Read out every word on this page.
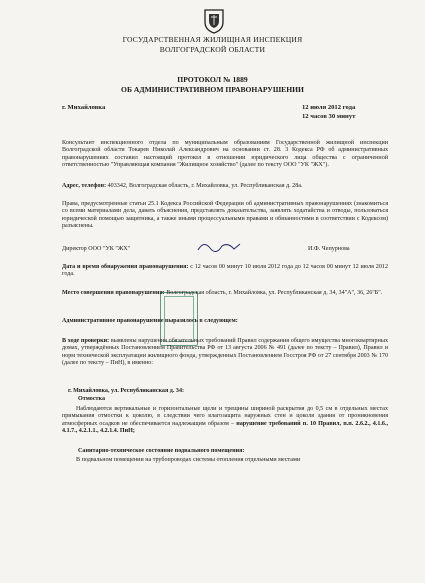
ГОСУДАРСТВЕННАЯ ЖИЛИЩНАЯ ИНСПЕКЦИЯ
ВОЛГОГРАДСКОЙ ОБЛАСТИ
ПРОТОКОЛ № 1889
ОБ АДМИНИСТРАТИВНОМ ПРАВОНАРУШЕНИИ
г. Михайловка	12 июля 2012 года
12 часов 30 минут
Консультант инспекционного отдела по муниципальным образованиям Государственной жилищной инспекции Волгоградской области Токарев Николай Александрович на основании ст. 28. 3 Кодекса РФ об административных правонарушениях составил настоящий протокол в отношении юридического лица общества с ограниченной ответственностью "Управляющая компания "Жилищное хозяйство" (далее по тексту ООО "УК "ЖХ").
Адрес, телефон: 403342, Волгоградская область, г. Михайловка, ул. Республиканская д. 28а.
Права, предусмотренные статьи 25.1 Кодекса Российской Федерации об административных правонарушениях (знакомиться со всеми материалами дела, давать объяснения, представлять доказательства, заявлять ходатайства и отводы, пользоваться юридической помощью защитника, а также иными процессуальными правами и обязанностями в соответствии с Кодексом) разъяснены.
Директор ООО "УК "ЖХ"	И.Ф. Чепурнова
Дата и время обнаружения правонарушения: с 12 часов 00 минут 10 июля 2012 года до 12 часов 00 минут 12 июля 2012 года.
Место совершения правонарушения: Волгоградская область, г. Михайловка, ул. Республиканская д. 34, 34"А", 36, 26"Б".
Административное правонарушение выразилось в следующем:
В ходе проверки: выявлены нарушения обязательных требований Правил содержания общего имущества многоквартирных домах, утверждённых Постановлением Правительства РФ от 13 августа 2006 № 491 (далее по тексту – Правил), Правил и норм технической эксплуатации жилищного фонда, утвержденных Постановлением Госстроя РФ от 27 сентября 2003 № 170 (далее по тексту – ПиН), в именно:
г. Михайловка, ул. Республиканская д. 34:
Отмостка
Наблюдаются вертикальные и горизонтальные щели и трещины шириной раскрытия до 0,5 см в отдельных местах примыкания отмостки к цоколю, в следствии чего влагозащита наружных стен и цоколя здания от проникновения атмосферных осадков не обеспечивается надлежащим образом – нарушение требований п. 10 Правил, п.п. 2.6.2., 4.1.6., 4.1.7., 4.2.1.1., 4.2.1.4. ПиН;
Санитарно-техническое состояние подвального помещения:
В подвальном помещении на трубопроводах системы отопления отдельными местами
